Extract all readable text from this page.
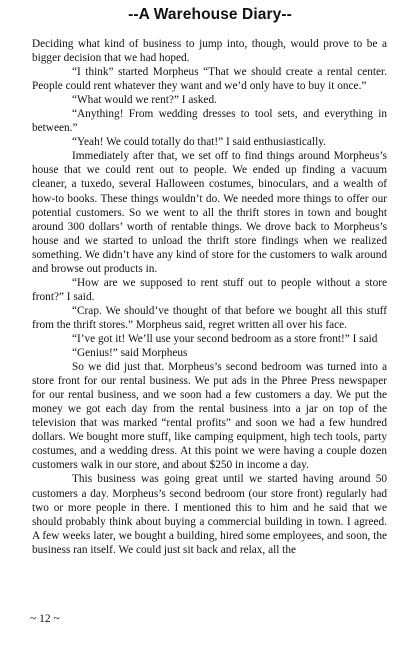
--A Warehouse Diary--

Deciding what kind of business to jump into, though, would prove to be a bigger decision that we had hoped.

“I think” started Morpheus “That we should create a rental center. People could rent whatever they want and we’d only have to buy it once.”

“What would we rent?” I asked.

“Anything! From wedding dresses to tool sets, and everything in between.”

“Yeah! We could totally do that!” I said enthusiastically.

Immediately after that, we set off to find things around Morpheus’s house that we could rent out to people. We ended up finding a vacuum cleaner, a tuxedo, several Halloween costumes, binoculars, and a wealth of how-to books. These things wouldn’t do. We needed more things to offer our potential customers. So we went to all the thrift stores in town and bought around 300 dollars’ worth of rentable things. We drove back to Morpheus’s house and we started to unload the thrift store findings when we realized something. We didn’t have any kind of store for the customers to walk around and browse out products in.

“How are we supposed to rent stuff out to people without a store front?” I said.

“Crap. We should’ve thought of that before we bought all this stuff from the thrift stores.” Morpheus said, regret written all over his face.

“I’ve got it! We’ll use your second bedroom as a store front!” I said

“Genius!” said Morpheus

So we did just that. Morpheus’s second bedroom was turned into a store front for our rental business. We put ads in the Phree Press newspaper for our rental business, and we soon had a few customers a day. We put the money we got each day from the rental business into a jar on top of the television that was marked “rental profits” and soon we had a few hundred dollars. We bought more stuff, like camping equipment, high tech tools, party costumes, and a wedding dress. At this point we were having a couple dozen customers walk in our store, and about $250 in income a day.

This business was going great until we started having around 50 customers a day. Morpheus’s second bedroom (our store front) regularly had two or more people in there. I mentioned this to him and he said that we should probably think about buying a commercial building in town. I agreed. A few weeks later, we bought a building, hired some employees, and soon, the business ran itself. We could just sit back and relax, all the

~ 12 ~
